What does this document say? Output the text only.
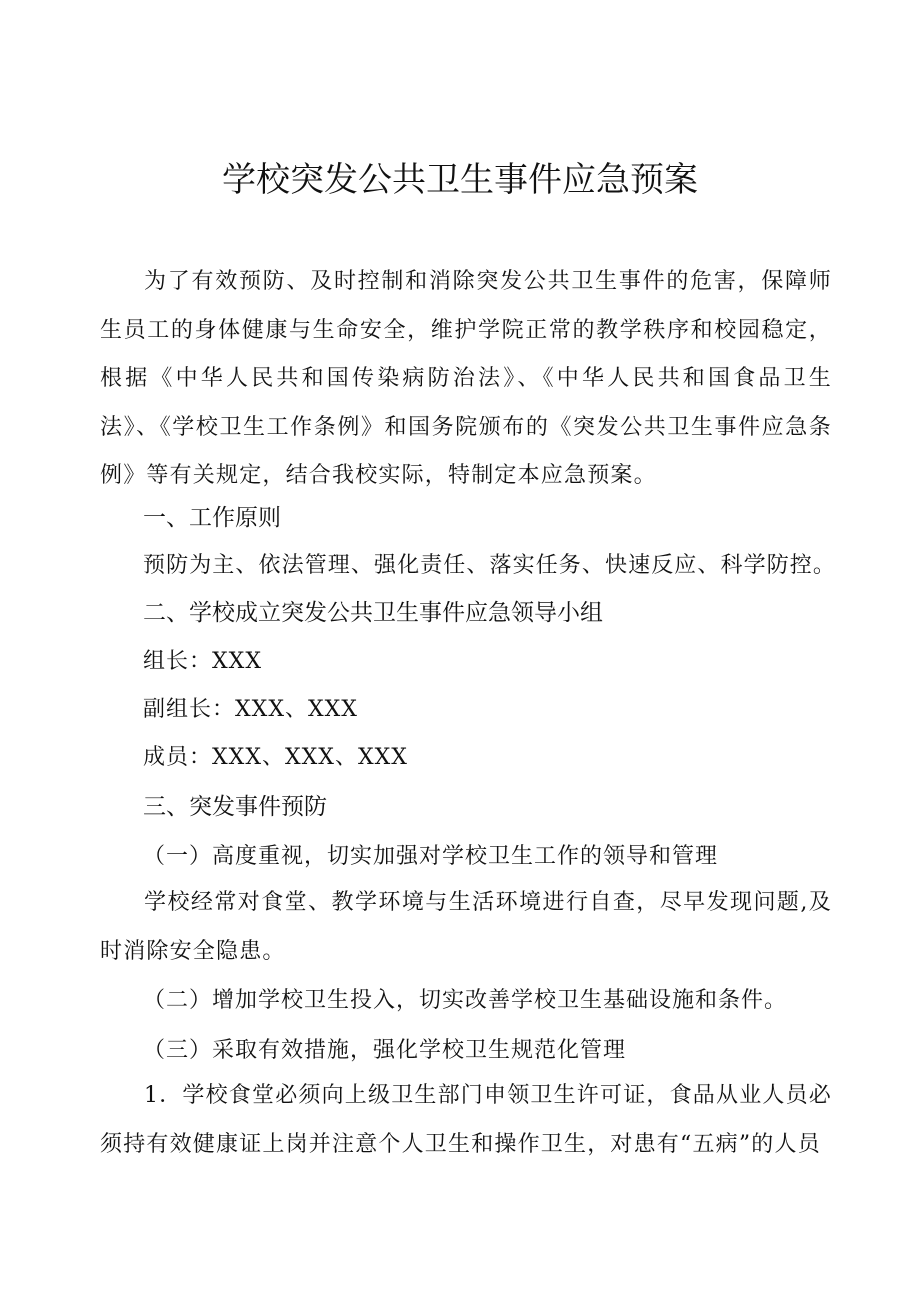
学校突发公共卫生事件应急预案

为了有效预防、及时控制和消除突发公共卫生事件的危害，保障师生员工的身体健康与生命安全，维护学院正常的教学秩序和校园稳定，根据《中华人民共和国传染病防治法》、《中华人民共和国食品卫生法》、《学校卫生工作条例》和国务院颁布的《突发公共卫生事件应急条例》等有关规定，结合我校实际，特制定本应急预案。

一、工作原则
预防为主、依法管理、强化责任、落实任务、快速反应、科学防控。
二、学校成立突发公共卫生事件应急领导小组
组长：XXX
副组长：XXX、XXX
成员：XXX、XXX、XXX
三、突发事件预防
（一）高度重视，切实加强对学校卫生工作的领导和管理

学校经常对食堂、教学环境与生活环境进行自查，尽早发现问题,及时消除安全隐患。

（二）增加学校卫生投入，切实改善学校卫生基础设施和条件。
（三）采取有效措施，强化学校卫生规范化管理

1．学校食堂必须向上级卫生部门申领卫生许可证，食品从业人员必须持有效健康证上岗并注意个人卫生和操作卫生，对患有“五病”的人员
